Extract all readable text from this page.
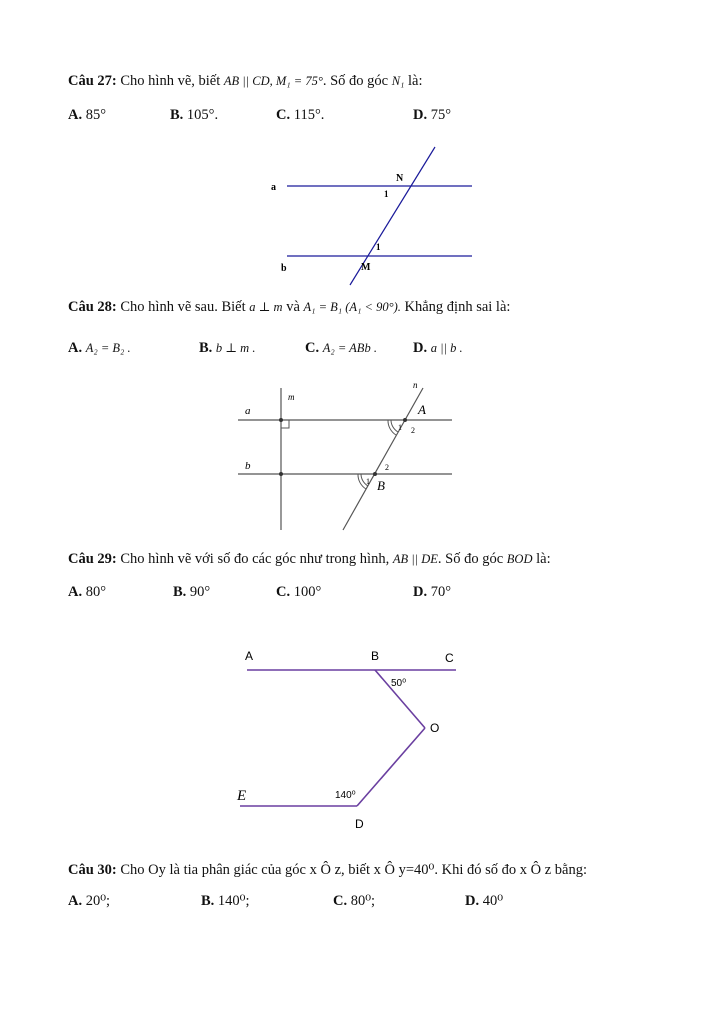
Câu 27: Cho hình vẽ, biết AB || CD, M₁ = 75°. Số đo góc N₁ là:
A. 85°	B. 105°.	C. 115°.	D. 75°
a
b
N
M
1
1
Câu 28: Cho hình vẽ sau. Biết a ⊥ m và A₁ = B₁ (A₁ < 90°). Khẳng định sai là:
A. A₂ = B₂ .	B. b ⊥ m .	C. A₂ = ABb . D. a || b .
a
b
m
n
A
B
1 2
1
2
Câu 29: Cho hình vẽ với số đo các góc như trong hình, AB || DE. Số đo góc BOD là:
A. 80°	B. 90°	C. 100°	D. 70°
A	B	C
O
D
E
50⁰
140⁰
Câu 30: Cho Oy là tia phân giác của góc x Ô z, biết x Ô y=40⁰. Khi đó số đo x Ô z bằng:
A. 20⁰;	B. 140⁰;	C. 80⁰;	D. 40⁰
